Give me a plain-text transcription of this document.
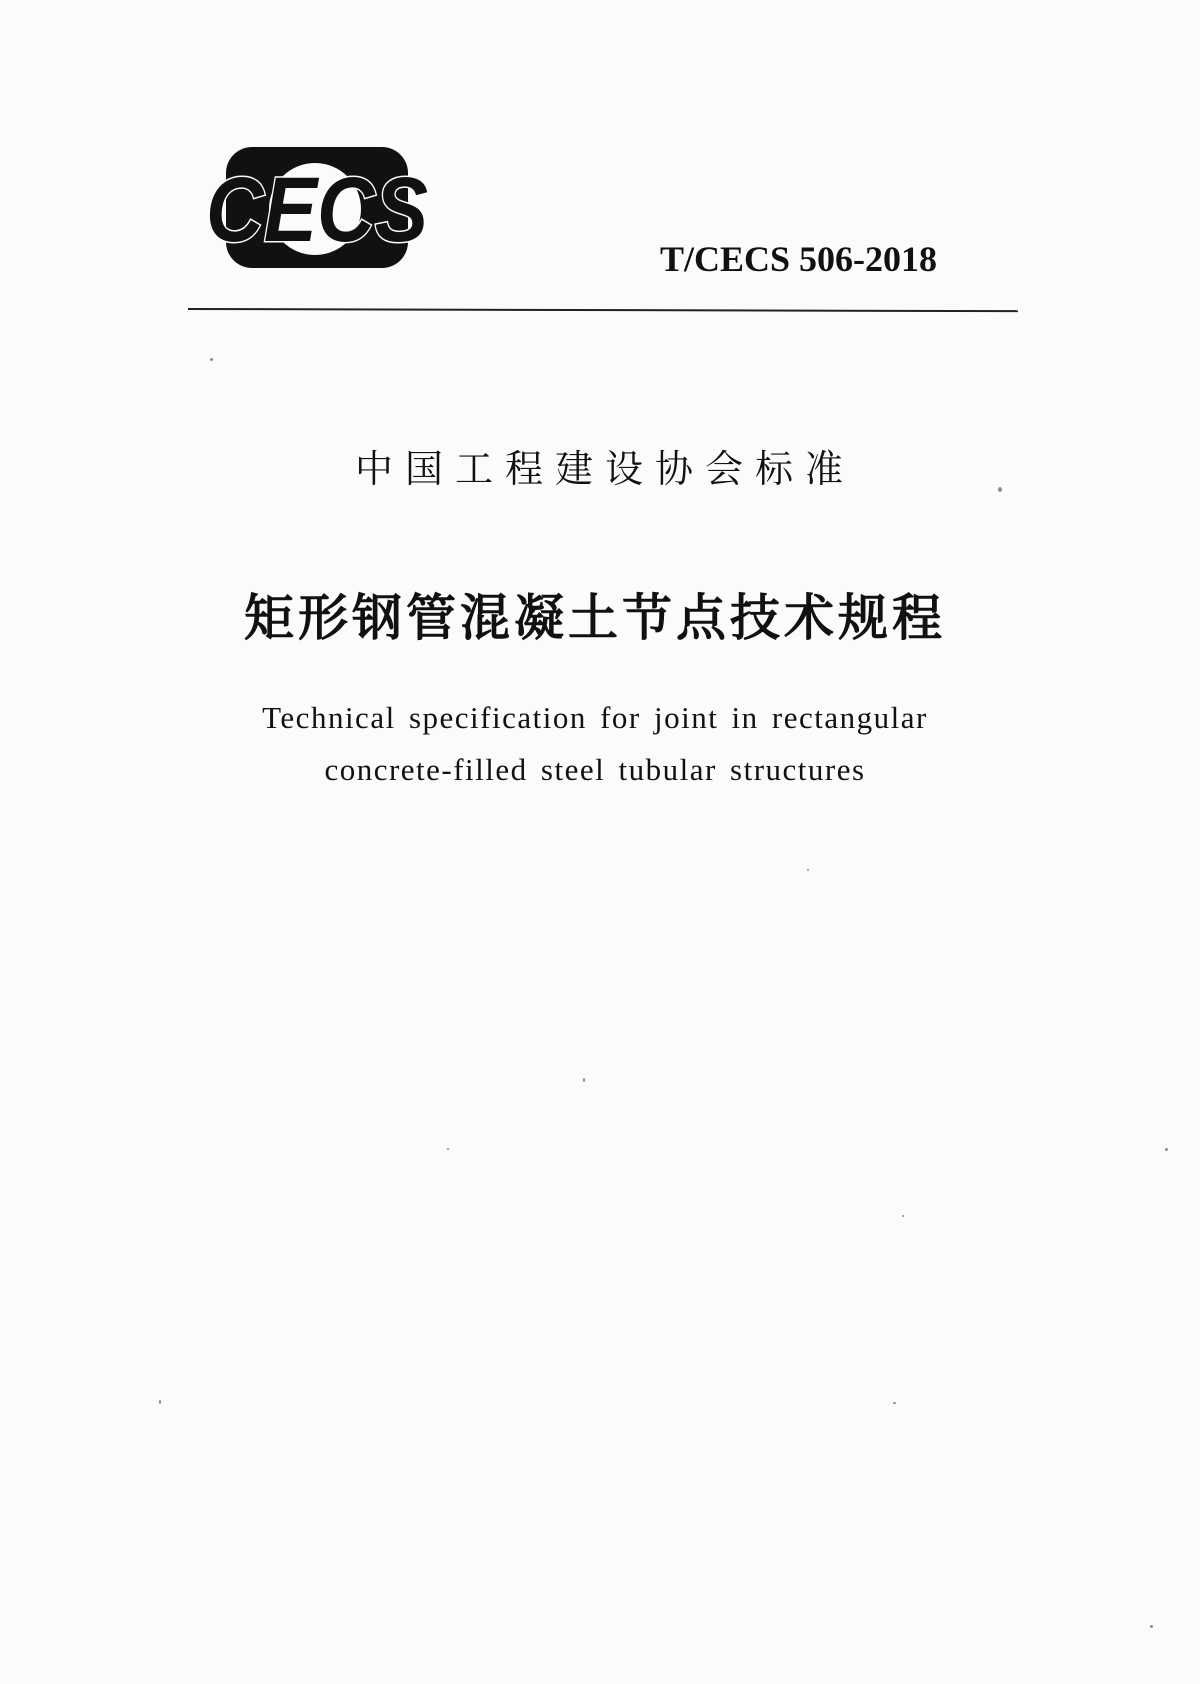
CECS	T/CECS 506-2018
中国工程建设协会标准
矩形钢管混凝土节点技术规程
Technical specification for joint in rectangular
concrete-filled steel tubular structures
